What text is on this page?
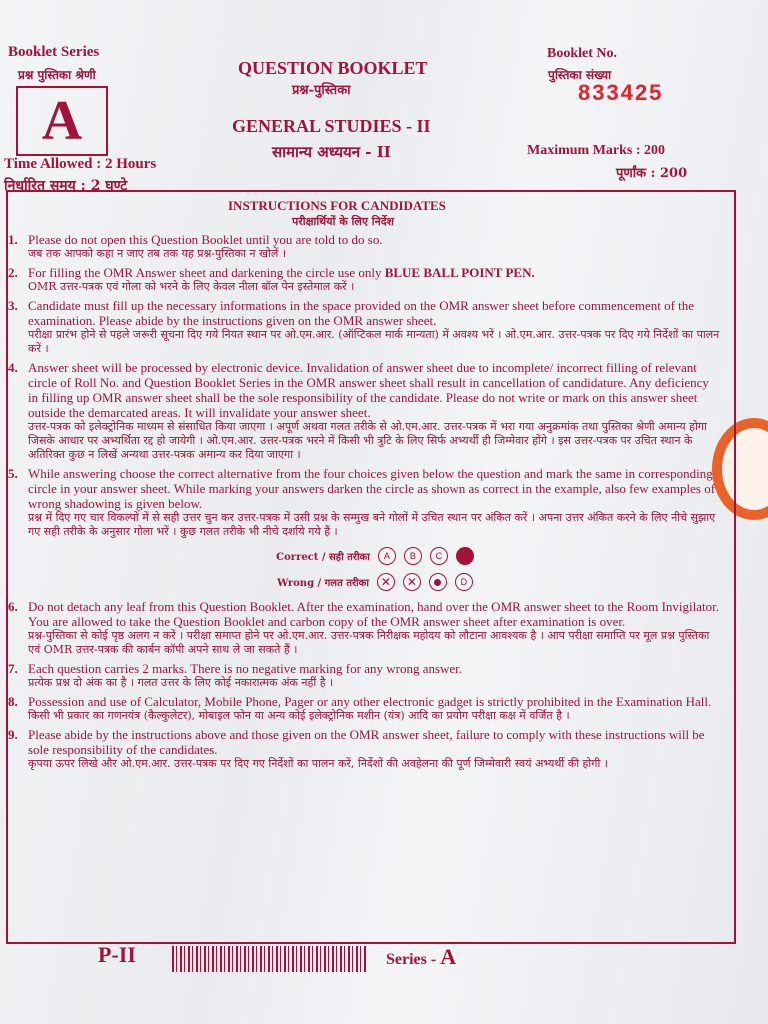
Booklet Series
प्रश्न पुस्तिका श्रेणी
A
Time Allowed : 2 Hours
निर्धारित समय : 2 घण्टे
QUESTION BOOKLET
प्रश्न-पुस्तिका
GENERAL STUDIES - II
सामान्य अध्ययन - II
Booklet No.
पुस्तिका संख्या
833425
Maximum Marks : 200
पूर्णांक : 200
INSTRUCTIONS FOR CANDIDATES
परीक्षार्थियों के लिए निर्देश
1. Please do not open this Question Booklet until you are told to do so.
जब तक आपको कहा न जाए तब तक यह प्रश्न-पुस्तिका न खोलें ।
2. For filling the OMR Answer sheet and darkening the circle use only BLUE BALL POINT PEN.
OMR उत्तर-पत्रक एवं गोला को भरने के लिए केवल नीला बॉल पेन इस्तेमाल करें ।
3. Candidate must fill up the necessary informations in the space provided on the OMR answer sheet before commencement of the examination. Please abide by the instructions given on the OMR answer sheet.
परीक्षा प्रारंभ होने से पहले जरूरी सूचना दिए गये नियत स्थान पर ओ.एम.आर. (ऑप्टिकल मार्क मान्यता) में अवश्य भरें । ओ.एम.आर. उत्तर-पत्रक पर दिए गये निर्देशों का पालन करें ।
4. Answer sheet will be processed by electronic device. Invalidation of answer sheet due to incomplete/ incorrect filling of relevant circle of Roll No. and Question Booklet Series in the OMR answer sheet shall result in cancellation of candidature. Any deficiency in filling up OMR answer sheet shall be the sole responsibility of the candidate. Please do not write or mark on this answer sheet outside the demarcated areas. It will invalidate your answer sheet.
उत्तर-पत्रक को इलेक्ट्रोनिक माध्यम से संसाधित किया जाएगा । अपूर्ण अथवा गलत तरीके से ओ.एम.आर. उत्तर-पत्रक में भरा गया अनुक्रमांक तथा पुस्तिका श्रेणी अमान्य होगा जिसके आधार पर अभ्यर्थिता रद्द हो जायेगी । ओ.एम.आर. उत्तर-पत्रक भरने में किसी भी त्रुटि के लिए सिर्फ अभ्यर्थी ही जिम्मेवार होंगे । इस उत्तर-पत्रक पर उचित स्थान के अतिरिक्त कुछ न लिखें अन्यथा उत्तर-पत्रक अमान्य कर दिया जाएगा ।
5. While answering choose the correct alternative from the four choices given below the question and mark the same in corresponding circle in your answer sheet. While marking your answers darken the circle as shown as correct in the example, also few examples of wrong shadowing is given below.
प्रश्न में दिए गए चार विकल्पों में से सही उत्तर चुन कर उत्तर-पत्रक में उसी प्रश्न के सम्मुख बने गोलों में उचित स्थान पर अंकित करें । अपना उत्तर अंकित करने के लिए नीचे सुझाए गए सही तरीके के अनुसार गोला भरें । कुछ गलत तरीके भी नीचे दर्शाये गये हैं ।
Correct / सही तरीका	A	B	C
Wrong / गलत तरीका ✕ ✕	D
6. Do not detach any leaf from this Question Booklet. After the examination, hand over the OMR answer sheet to the Room Invigilator. You are allowed to take the Question Booklet and carbon copy of the OMR answer sheet after examination is over.
प्रश्न-पुस्तिका से कोई पृष्ठ अलग न करें । परीक्षा समाप्त होने पर ओ.एम.आर. उत्तर-पत्रक निरीक्षक महोदय को लौटाना आवश्यक है । आप परीक्षा समाप्ति पर मूल प्रश्न पुस्तिका एवं OMR उत्तर-पत्रक की कार्बन कॉपी अपने साथ ले जा सकते हैं ।
7. Each question carries 2 marks. There is no negative marking for any wrong answer.
प्रत्येक प्रश्न दो अंक का है । गलत उत्तर के लिए कोई नकारात्मक अंक नहीं है ।
8. Possession and use of Calculator, Mobile Phone, Pager or any other electronic gadget is strictly prohibited in the Examination Hall.
किसी भी प्रकार का गणनयंत्र (कैल्कुलेटर), मोबाइल फोन या अन्य कोई इलेक्ट्रोनिक मशीन (यंत्र) आदि का प्रयोग परीक्षा कक्ष में वर्जित है ।
9. Please abide by the instructions above and those given on the OMR answer sheet, failure to comply with these instructions will be sole responsibility of the candidates.
कृपया ऊपर लिखे और ओ.एम.आर. उत्तर-पत्रक पर दिए गए निर्देशों का पालन करें, निर्देशों की अवहेलना की पूर्ण जिम्मेवारी स्वयं अभ्यर्थी की होगी ।
P-II	Series - A
